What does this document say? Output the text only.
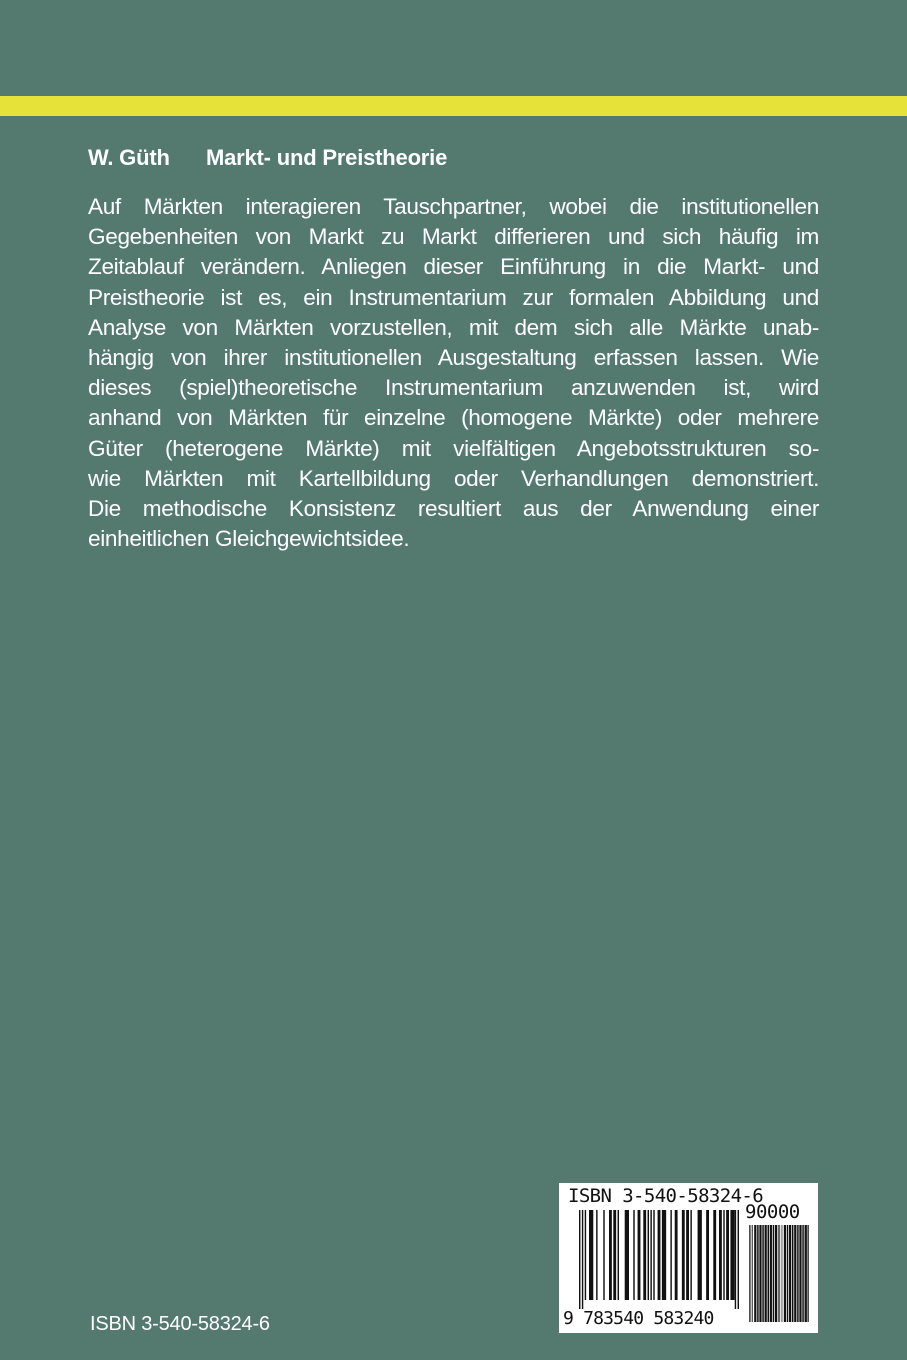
W. Güth Markt- und Preistheorie
Auf Märkten interagieren Tauschpartner, wobei die institutionellen
Gegebenheiten von Markt zu Markt differieren und sich häufig im
Zeitablauf verändern. Anliegen dieser Einführung in die Markt- und
Preistheorie ist es, ein Instrumentarium zur formalen Abbildung und
Analyse von Märkten vorzustellen, mit dem sich alle Märkte unab-
hängig von ihrer institutionellen Ausgestaltung erfassen lassen. Wie
dieses (spiel)theoretische Instrumentarium anzuwenden ist, wird
anhand von Märkten für einzelne (homogene Märkte) oder mehrere
Güter (heterogene Märkte) mit vielfältigen Angebotsstrukturen so-
wie Märkten mit Kartellbildung oder Verhandlungen demonstriert.
Die methodische Konsistenz resultiert aus der Anwendung einer
einheitlichen Gleichgewichtsidee.
ISBN 3-540-58324-6
ISBN 3-540-58324-6
90000
9 783540 583240
